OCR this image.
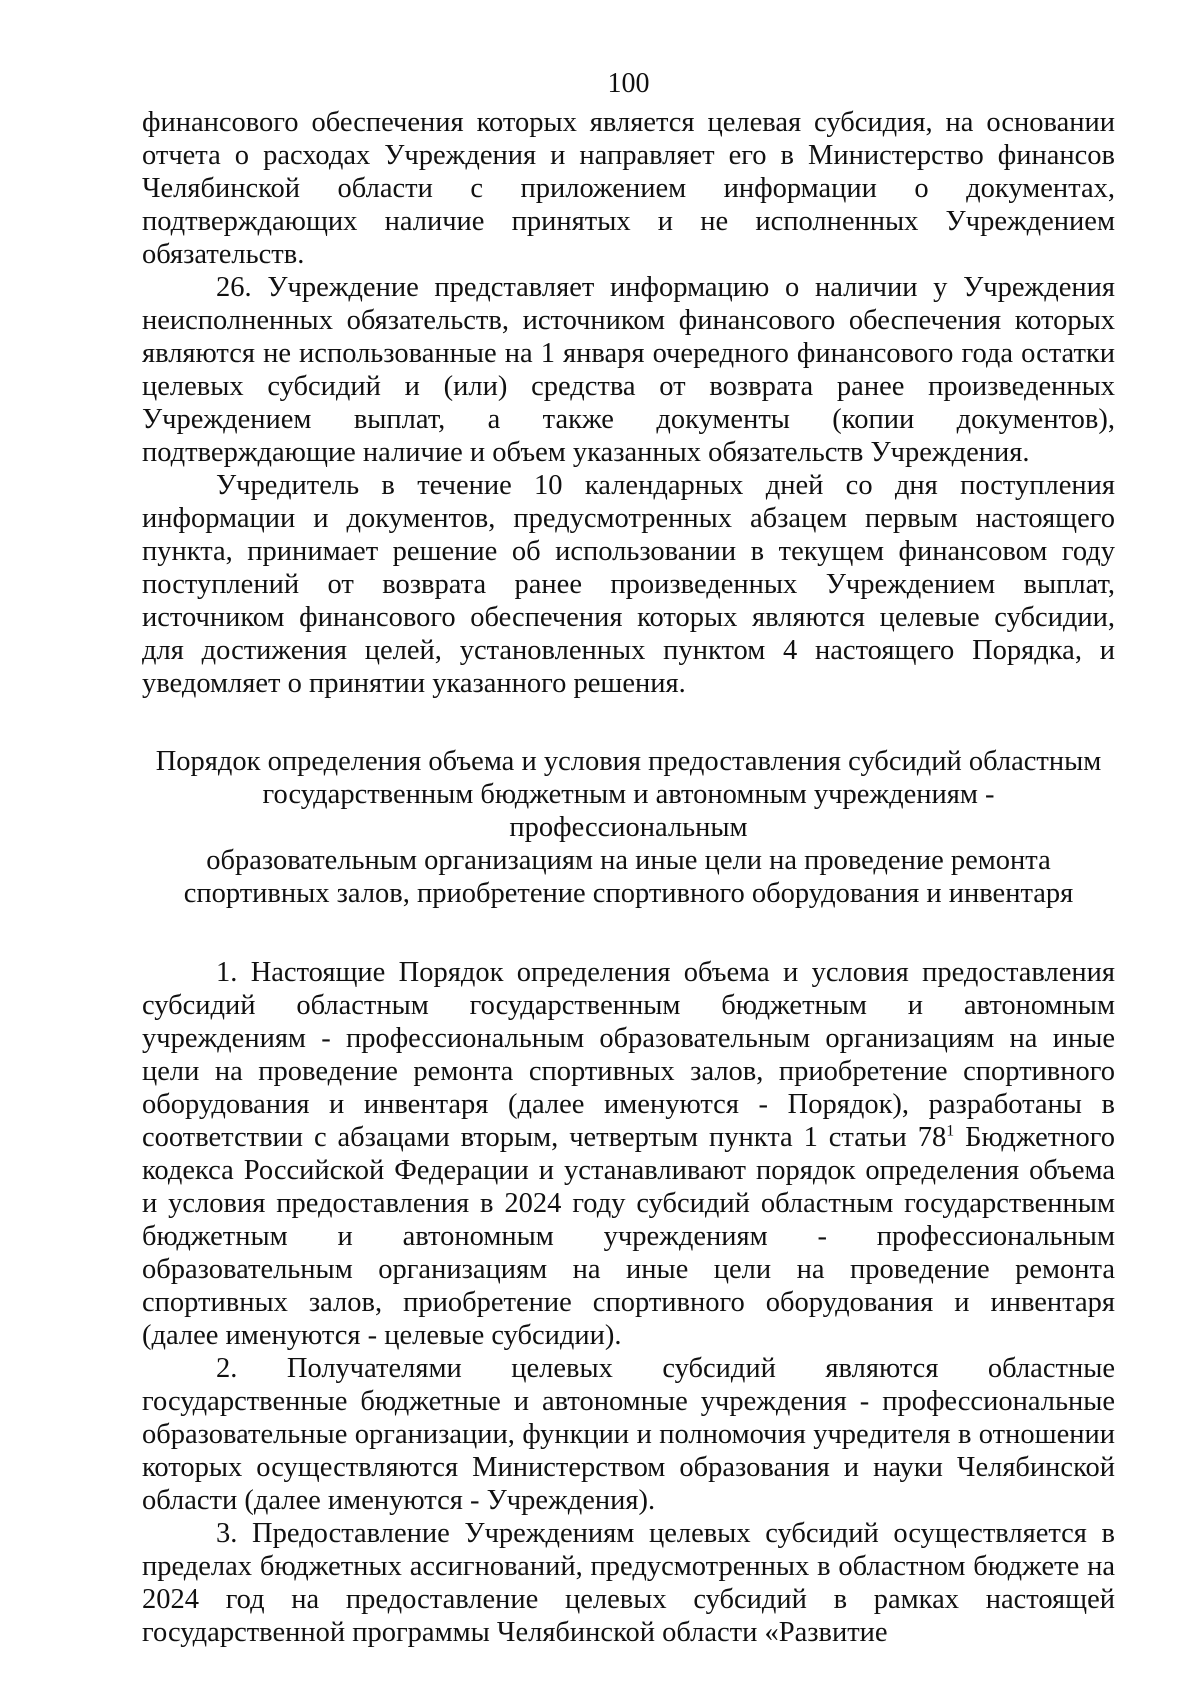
100

финансового обеспечения которых является целевая субсидия, на основании отчета о расходах Учреждения и направляет его в Министерство финансов Челябинской области с приложением информации о документах, подтверждающих наличие принятых и не исполненных Учреждением обязательств.

26. Учреждение представляет информацию о наличии у Учреждения неисполненных обязательств, источником финансового обеспечения которых являются не использованные на 1 января очередного финансового года остатки целевых субсидий и (или) средства от возврата ранее произведенных Учреждением выплат, а также документы (копии документов), подтверждающие наличие и объем указанных обязательств Учреждения.

Учредитель в течение 10 календарных дней со дня поступления информации и документов, предусмотренных абзацем первым настоящего пункта, принимает решение об использовании в текущем финансовом году поступлений от возврата ранее произведенных Учреждением выплат, источником финансового обеспечения которых являются целевые субсидии, для достижения целей, установленных пунктом 4 настоящего Порядка, и уведомляет о принятии указанного решения.

Порядок определения объема и условия предоставления субсидий областным
государственным бюджетным и автономным учреждениям - профессиональным
образовательным организациям на иные цели на проведение ремонта
спортивных залов, приобретение спортивного оборудования и инвентаря

1. Настоящие Порядок определения объема и условия предоставления субсидий областным государственным бюджетным и автономным учреждениям - профессиональным образовательным организациям на иные цели на проведение ремонта спортивных залов, приобретение спортивного оборудования и инвентаря (далее именуются - Порядок), разработаны в соответствии с абзацами вторым, четвертым пункта 1 статьи $78^1$ Бюджетного кодекса Российской Федерации и устанавливают порядок определения объема и условия предоставления в 2024 году субсидий областным государственным бюджетным и автономным учреждениям - профессиональным образовательным организациям на иные цели на проведение ремонта спортивных залов, приобретение спортивного оборудования и инвентаря (далее именуются - целевые субсидии).

2. Получателями целевых субсидий являются областные государственные бюджетные и автономные учреждения - профессиональные образовательные организации, функции и полномочия учредителя в отношении которых осуществляются Министерством образования и науки Челябинской области (далее именуются - Учреждения).

3. Предоставление Учреждениям целевых субсидий осуществляется в пределах бюджетных ассигнований, предусмотренных в областном бюджете на 2024 год на предоставление целевых субсидий в рамках настоящей государственной программы Челябинской области «Развитие
